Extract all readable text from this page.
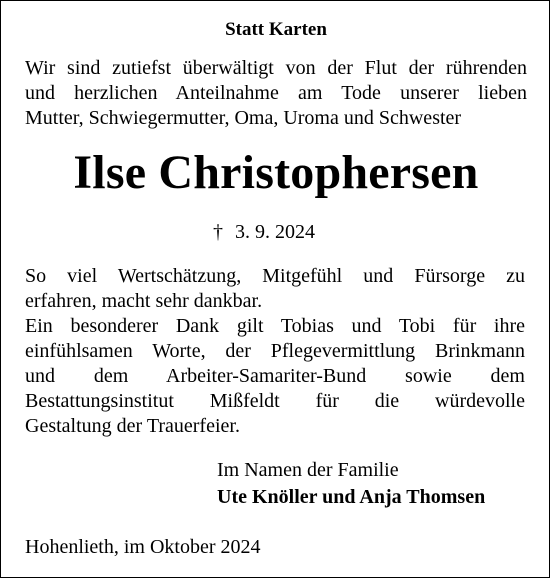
Statt Karten
Wir sind zutiefst überwältigt von der Flut der rührenden
und herzlichen Anteilnahme am Tode unserer lieben
Mutter, Schwiegermutter, Oma, Uroma und Schwester
Ilse Christophersen
† 3. 9. 2024
So viel Wertschätzung, Mitgefühl und Fürsorge zu
erfahren, macht sehr dankbar.
Ein besonderer Dank gilt Tobias und Tobi für ihre
einfühlsamen Worte, der Pflegevermittlung Brinkmann
und dem Arbeiter-Samariter-Bund sowie dem
Bestattungsinstitut Mißfeldt für die würdevolle
Gestaltung der Trauerfeier.
Im Namen der Familie
Ute Knöller und Anja Thomsen
Hohenlieth, im Oktober 2024
